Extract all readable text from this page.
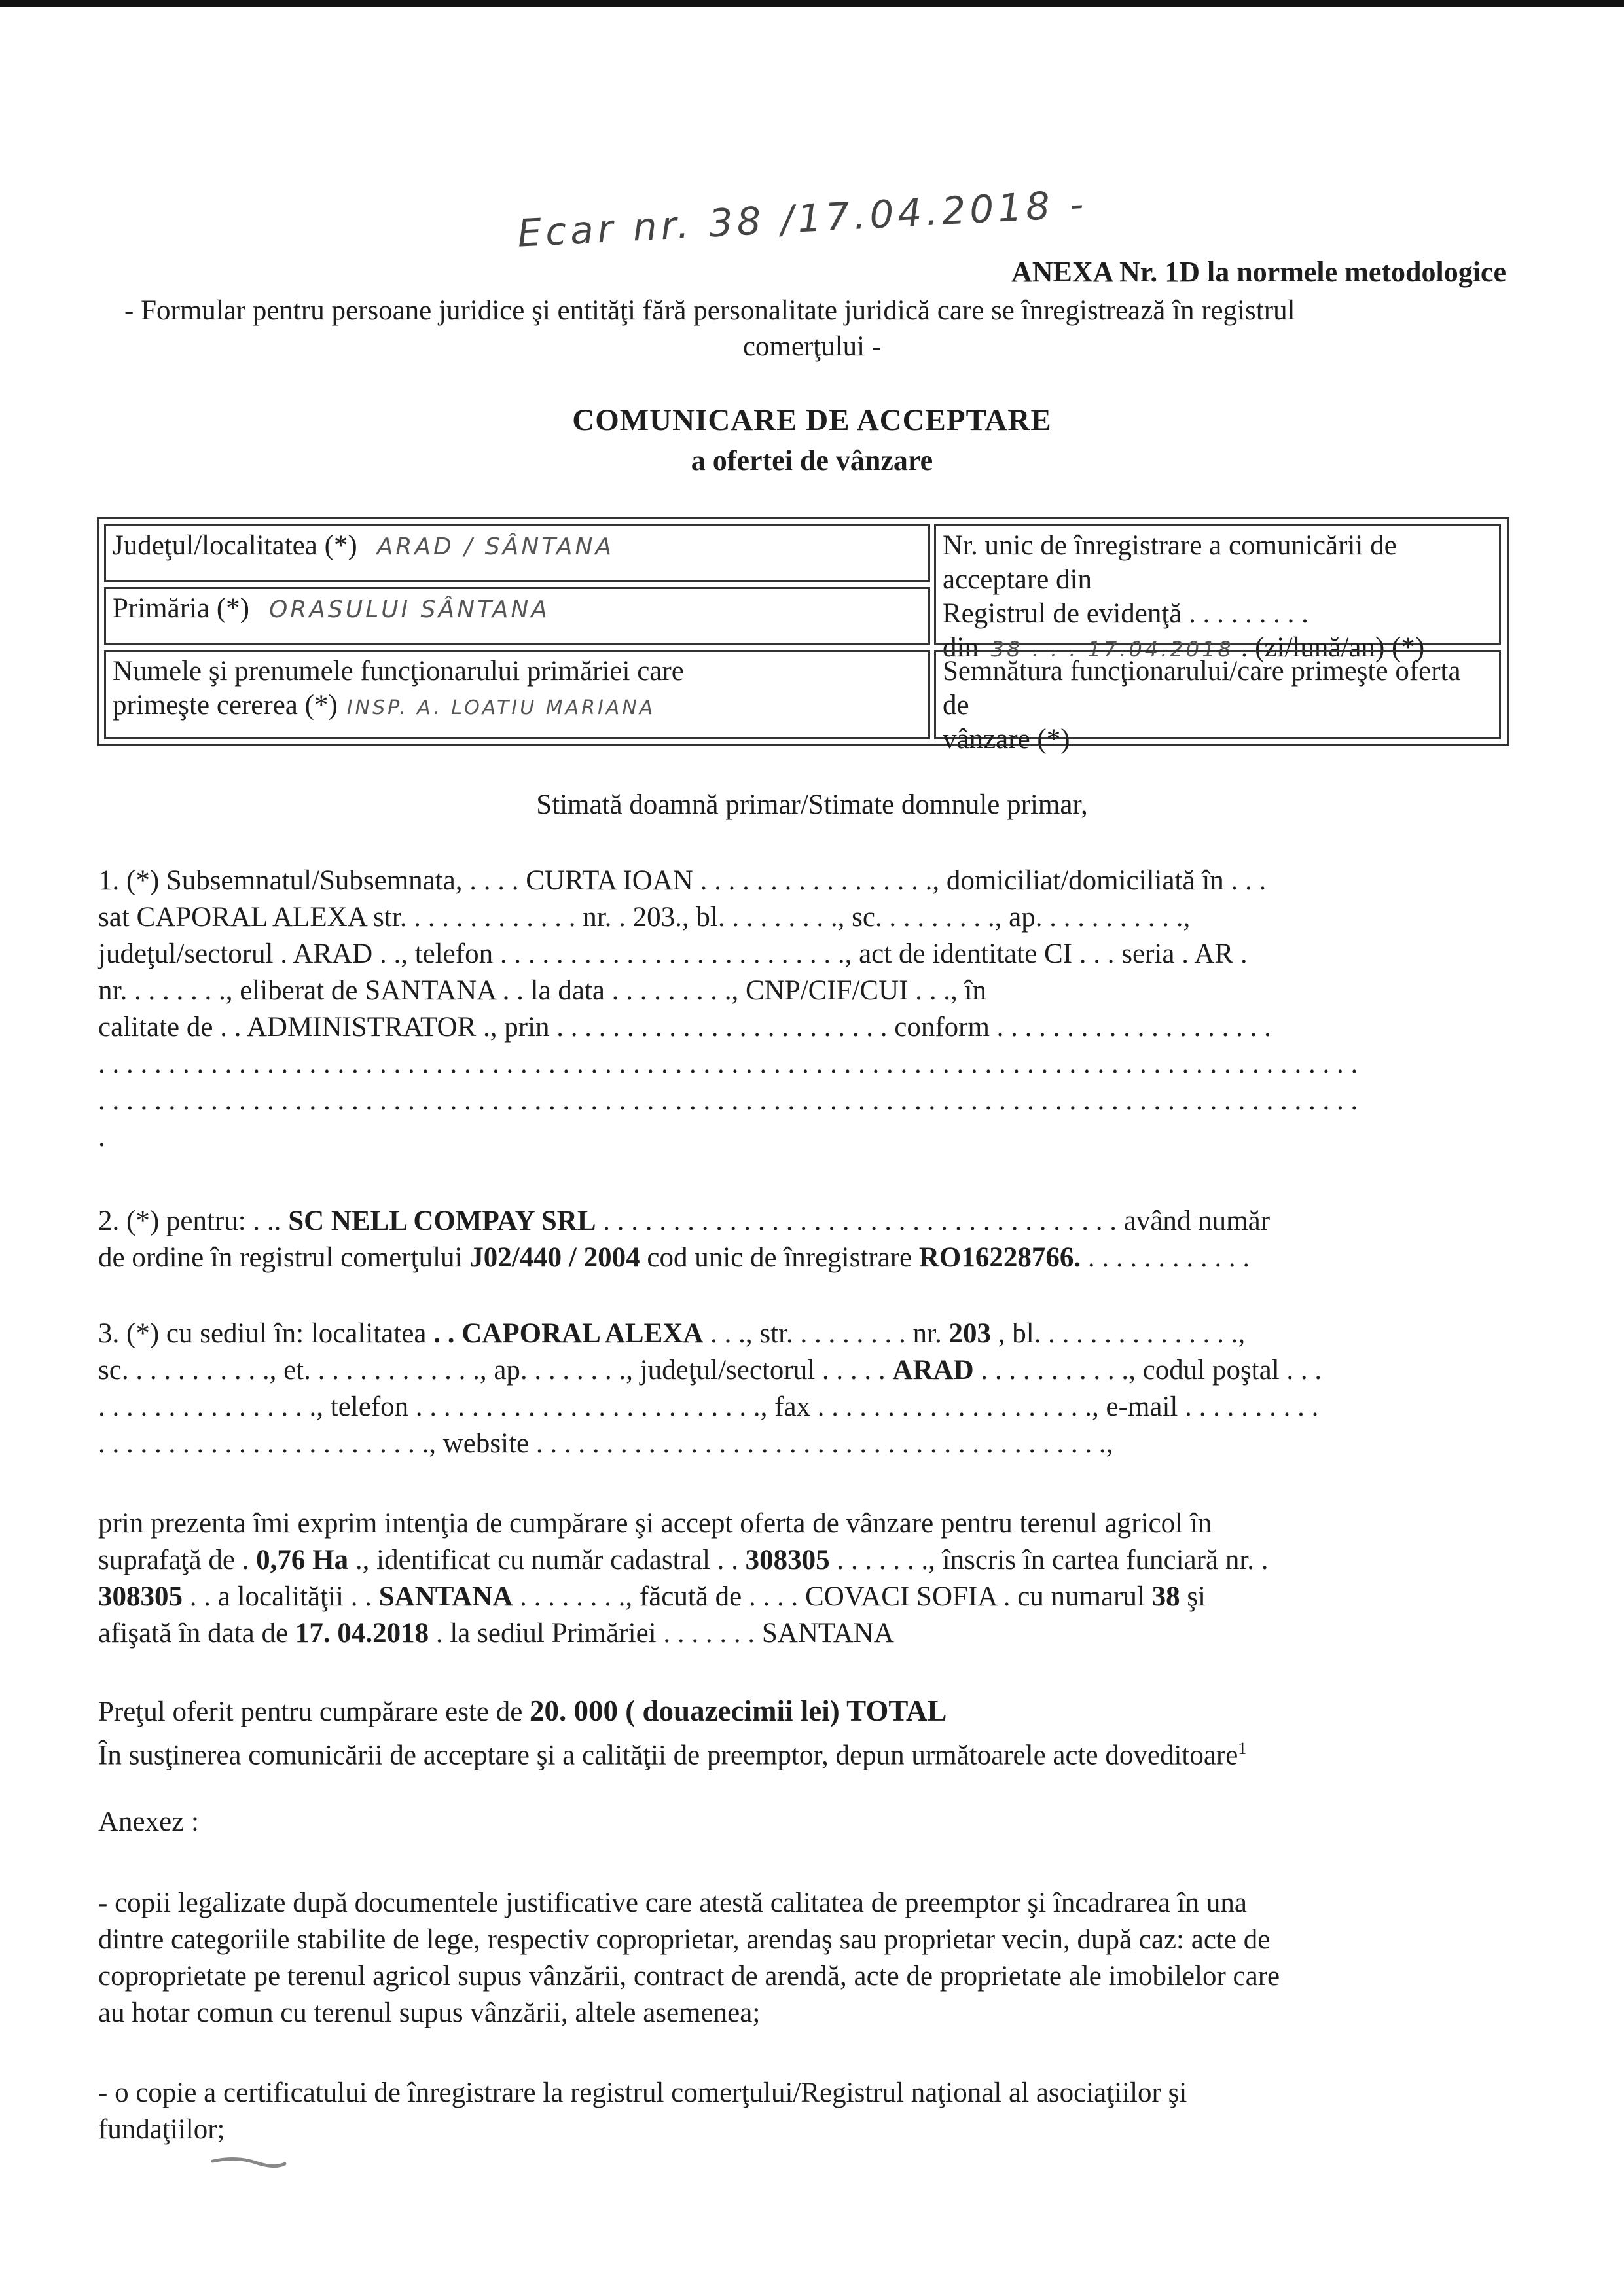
Ecar nr. 38 /17.04.2018 -
ANEXA Nr. 1D la normele metodologice
- Formular pentru persoane juridice şi entităţi fără personalitate juridică care se înregistrează în registrul
comerţului -
COMUNICARE DE ACCEPTARE
a ofertei de vânzare
Judeţul/localitatea (*) ARAD / SÂNTANA
Primăria (*) ORASULUI SÂNTANA
Numele şi prenumele funcţionarului primăriei care
primeşte cererea (*) INSP. A. LOATIU MARIANA
Nr. unic de înregistrare a comunicării de acceptare din
Registrul de evidenţă . . . . . . . . .
din 38 . . . 17.04.2018 . (zi/lună/an) (*)
Semnătura funcţionarului/care primeşte oferta de
vânzare (*)
Stimată doamnă primar/Stimate domnule primar,

1. (*) Subsemnatul/Subsemnata, . . . . CURTA IOAN . . . . . . . . . . . . . . . . ., domiciliat/domiciliată în . . .

sat CAPORAL ALEXA str. . . . . . . . . . . . . nr. . 203., bl. . . . . . . . ., sc. . . . . . . . ., ap. . . . . . . . . . .,

judeţul/sectorul . ARAD . ., telefon . . . . . . . . . . . . . . . . . . . . . . . . ., act de identitate CI . . . seria . AR .

nr. . . . . . . ., eliberat de SANTANA . . la data . . . . . . . . ., CNP/CIF/CUI . . ., în

calitate de . . ADMINISTRATOR ., prin . . . . . . . . . . . . . . . . . . . . . . . . conform . . . . . . . . . . . . . . . . . . . .

. . . . . . . . . . . . . . . . . . . . . . . . . . . . . . . . . . . . . . . . . . . . . . . . . . . . . . . . . . . . . . . . . . . . . . . . . . . . . . . . . . . . . . . . . .

. . . . . . . . . . . . . . . . . . . . . . . . . . . . . . . . . . . . . . . . . . . . . . . . . . . . . . . . . . . . . . . . . . . . . . . . . . . . . . . . . . . . . . . . . .

.

2. (*) pentru: . .. SC NELL COMPAY SRL . . . . . . . . . . . . . . . . . . . . . . . . . . . . . . . . . . . . . având număr

de ordine în registrul comerţului J02/440 / 2004 cod unic de înregistrare RO16228766. . . . . . . . . . . . .

3. (*) cu sediul în: localitatea . . CAPORAL ALEXA . . ., str. . . . . . . . . nr. 203 , bl. . . . . . . . . . . . . . .,

sc. . . . . . . . . . ., et. . . . . . . . . . . . ., ap. . . . . . . ., judeţul/sectorul . . . . . ARAD . . . . . . . . . . ., codul poştal . . .

. . . . . . . . . . . . . . . ., telefon . . . . . . . . . . . . . . . . . . . . . . . . ., fax . . . . . . . . . . . . . . . . . . . ., e-mail . . . . . . . . . .

. . . . . . . . . . . . . . . . . . . . . . . ., website . . . . . . . . . . . . . . . . . . . . . . . . . . . . . . . . . . . . . . . . .,

prin prezenta îmi exprim intenţia de cumpărare şi accept oferta de vânzare pentru terenul agricol în

suprafaţă de . 0,76 Ha ., identificat cu număr cadastral . . 308305 . . . . . . ., înscris în cartea funciară nr. .

308305 . . a localităţii . . SANTANA . . . . . . . ., făcută de . . . . COVACI SOFIA . cu numarul 38 şi

afişată în data de 17. 04.2018 . la sediul Primăriei . . . . . . . SANTANA

Preţul oferit pentru cumpărare este de 20. 000 ( douazecimii lei) TOTAL

În susţinerea comunicării de acceptare şi a calităţii de preemptor, depun următoarele acte doveditoare$^1$

Anexez :

- copii legalizate după documentele justificative care atestă calitatea de preemptor şi încadrarea în una

dintre categoriile stabilite de lege, respectiv coproprietar, arendaş sau proprietar vecin, după caz: acte de

coproprietate pe terenul agricol supus vânzării, contract de arendă, acte de proprietate ale imobilelor care

au hotar comun cu terenul supus vânzării, altele asemenea;

- o copie a certificatului de înregistrare la registrul comerţului/Registrul naţional al asociaţiilor şi

fundaţiilor;
